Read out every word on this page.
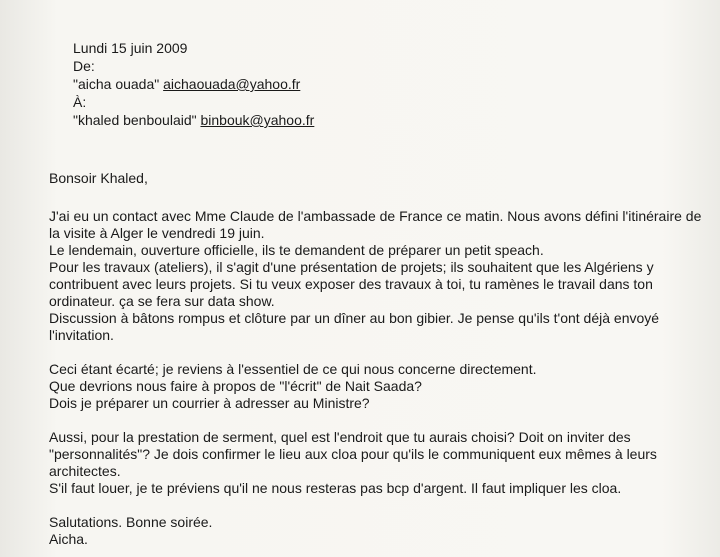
Lundi 15 juin 2009
De:
"aicha ouada" aichaouada@yahoo.fr
À:
"khaled benboulaid" binbouk@yahoo.fr
Bonsoir Khaled,
J'ai eu un contact avec Mme Claude de l'ambassade de France ce matin. Nous avons défini l'itinéraire de
la visite à Alger le vendredi 19 juin.
Le lendemain, ouverture officielle, ils te demandent de préparer un petit speach.
Pour les travaux (ateliers), il s'agit d'une présentation de projets; ils souhaitent que les Algériens y
contribuent avec leurs projets. Si tu veux exposer des travaux à toi, tu ramènes le travail dans ton
ordinateur. ça se fera sur data show.
Discussion à bâtons rompus et clôture par un dîner au bon gibier. Je pense qu'ils t'ont déjà envoyé
l'invitation.
Ceci étant écarté; je reviens à l'essentiel de ce qui nous concerne directement.
Que devrions nous faire à propos de "l'écrit" de Nait Saada?
Dois je préparer un courrier à adresser au Ministre?
Aussi, pour la prestation de serment, quel est l'endroit que tu aurais choisi? Doit on inviter des
"personnalités"? Je dois confirmer le lieu aux cloa pour qu'ils le communiquent eux mêmes à leurs
architectes.
S'il faut louer, je te préviens qu'il ne nous resteras pas bcp d'argent. Il faut impliquer les cloa.
Salutations. Bonne soirée.
Aicha.
